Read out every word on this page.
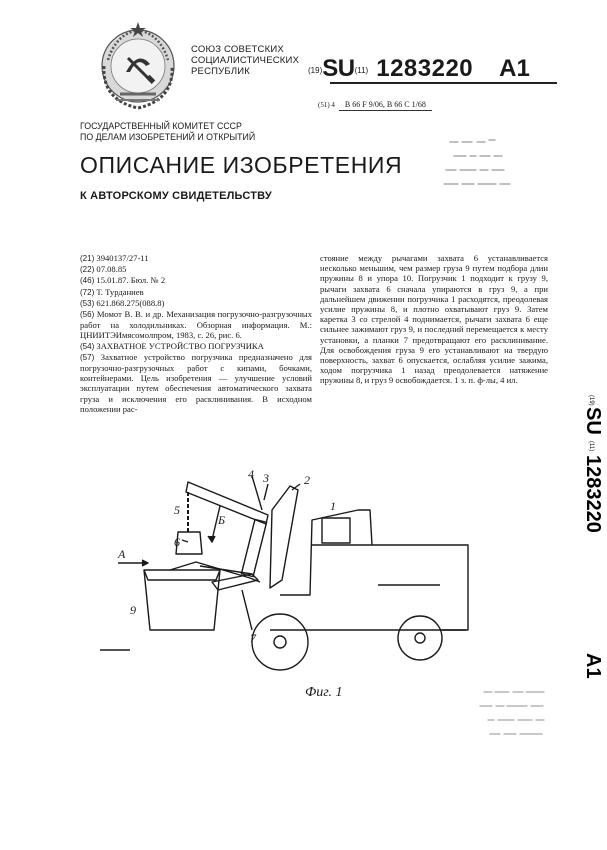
СОЮЗ СОВЕТСКИХ
СОЦИАЛИСТИЧЕСКИХ
РЕСПУБЛИК	(19)SU(11) 1283220 A1
(51) 4 B 66 F 9/06, B 66 C 1/68
ГОСУДАРСТВЕННЫЙ КОМИТЕТ СССР
ПО ДЕЛАМ ИЗОБРЕТЕНИЙ И ОТКРЫТИЙ
ОПИСАНИЕ ИЗОБРЕТЕНИЯ
К АВТОРСКОМУ СВИДЕТЕЛЬСТВУ
(21) 3940137/27-11
(22) 07.08.85
(46) 15.01.87. Бюл. № 2
(72) Т. Турданиев
(53) 621.868.275(088.8)
(56) Момот В. В. и др. Механизация погрузочно-разгрузочных работ на холодильниках. Обзорная информация. М.: ЦНИИТЭИмясомолпром, 1983, с. 26, рис. 6.
(54) ЗАХВАТНОЕ УСТРОЙСТВО ПОГРУЗЧИКА
(57) Захватное устройство погрузчика предназначено для погрузочно-разгрузочных работ с кипами, бочками, контейнерами. Цель изобретения — улучшение условий эксплуатации путем обеспечения автоматического захвата груза и исключения его расклинивания. В исходном положении рас-
стояние между рычагами захвата 6 устанавливается несколько меньшим, чем размер груза 9 путем подбора длин пружины 8 и упора 10. Погрузчик 1 подходит к грузу 9, рычаги захвата 6 сначала упираются в груз 9, а при дальнейшем движении погрузчика 1 расходятся, преодолевая усилие пружины 8, и плотно охватывают груз 9. Затем каретка 3 со стрелой 4 поднимается, рычаги захвата 6 еще сильнее зажимают груз 9, и последний перемещается к месту установки, а планки 7 предотвращают его расклинивание. Для освобождения груза 9 его устанавливают на твердую поверхность, захват 6 опускается, ослабляя усилие зажима, ходом погрузчика 1 назад преодолевается натяжение пружины 8, и груз 9 освобождается. 1 з. п. ф-лы, 4 ил.
(19)
SU
(11)
1283220
A1
1
2
3
4
5
6
7
9
А
Б
Фиг. 1
